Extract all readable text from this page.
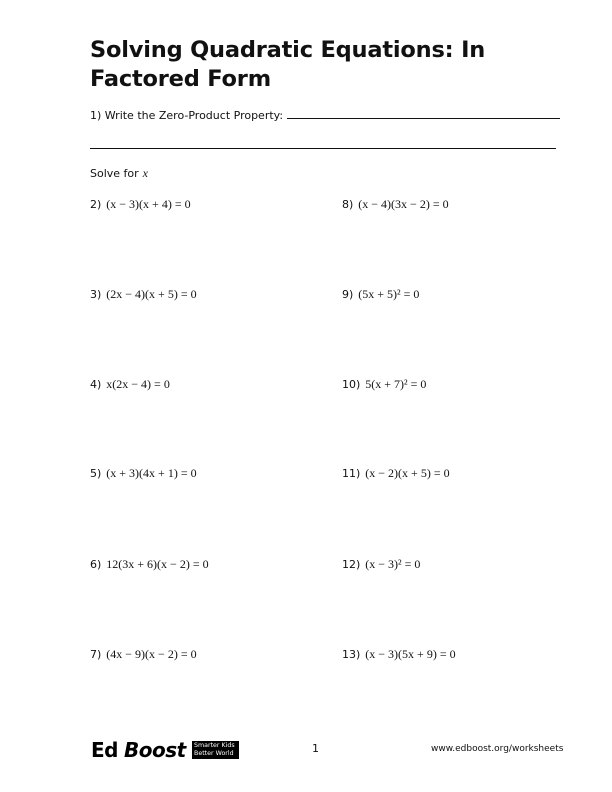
Solving Quadratic Equations: In Factored Form
1) Write the Zero-Product Property:
Solve for x
2) (x − 3)(x + 4) = 0
3) (2x − 4)(x + 5) = 0
4) x(2x − 4) = 0
5) (x + 3)(4x + 1) = 0
6) 12(3x + 6)(x − 2) = 0
7) (4x − 9)(x − 2) = 0
8) (x − 4)(3x − 2) = 0
9) (5x + 5)² = 0
10) 5(x + 7)² = 0
11) (x − 2)(x + 5) = 0
12) (x − 3)² = 0
13) (x − 3)(5x + 9) = 0
Ed Boost Smarter Kids
Better World	1	www.edboost.org/worksheets
